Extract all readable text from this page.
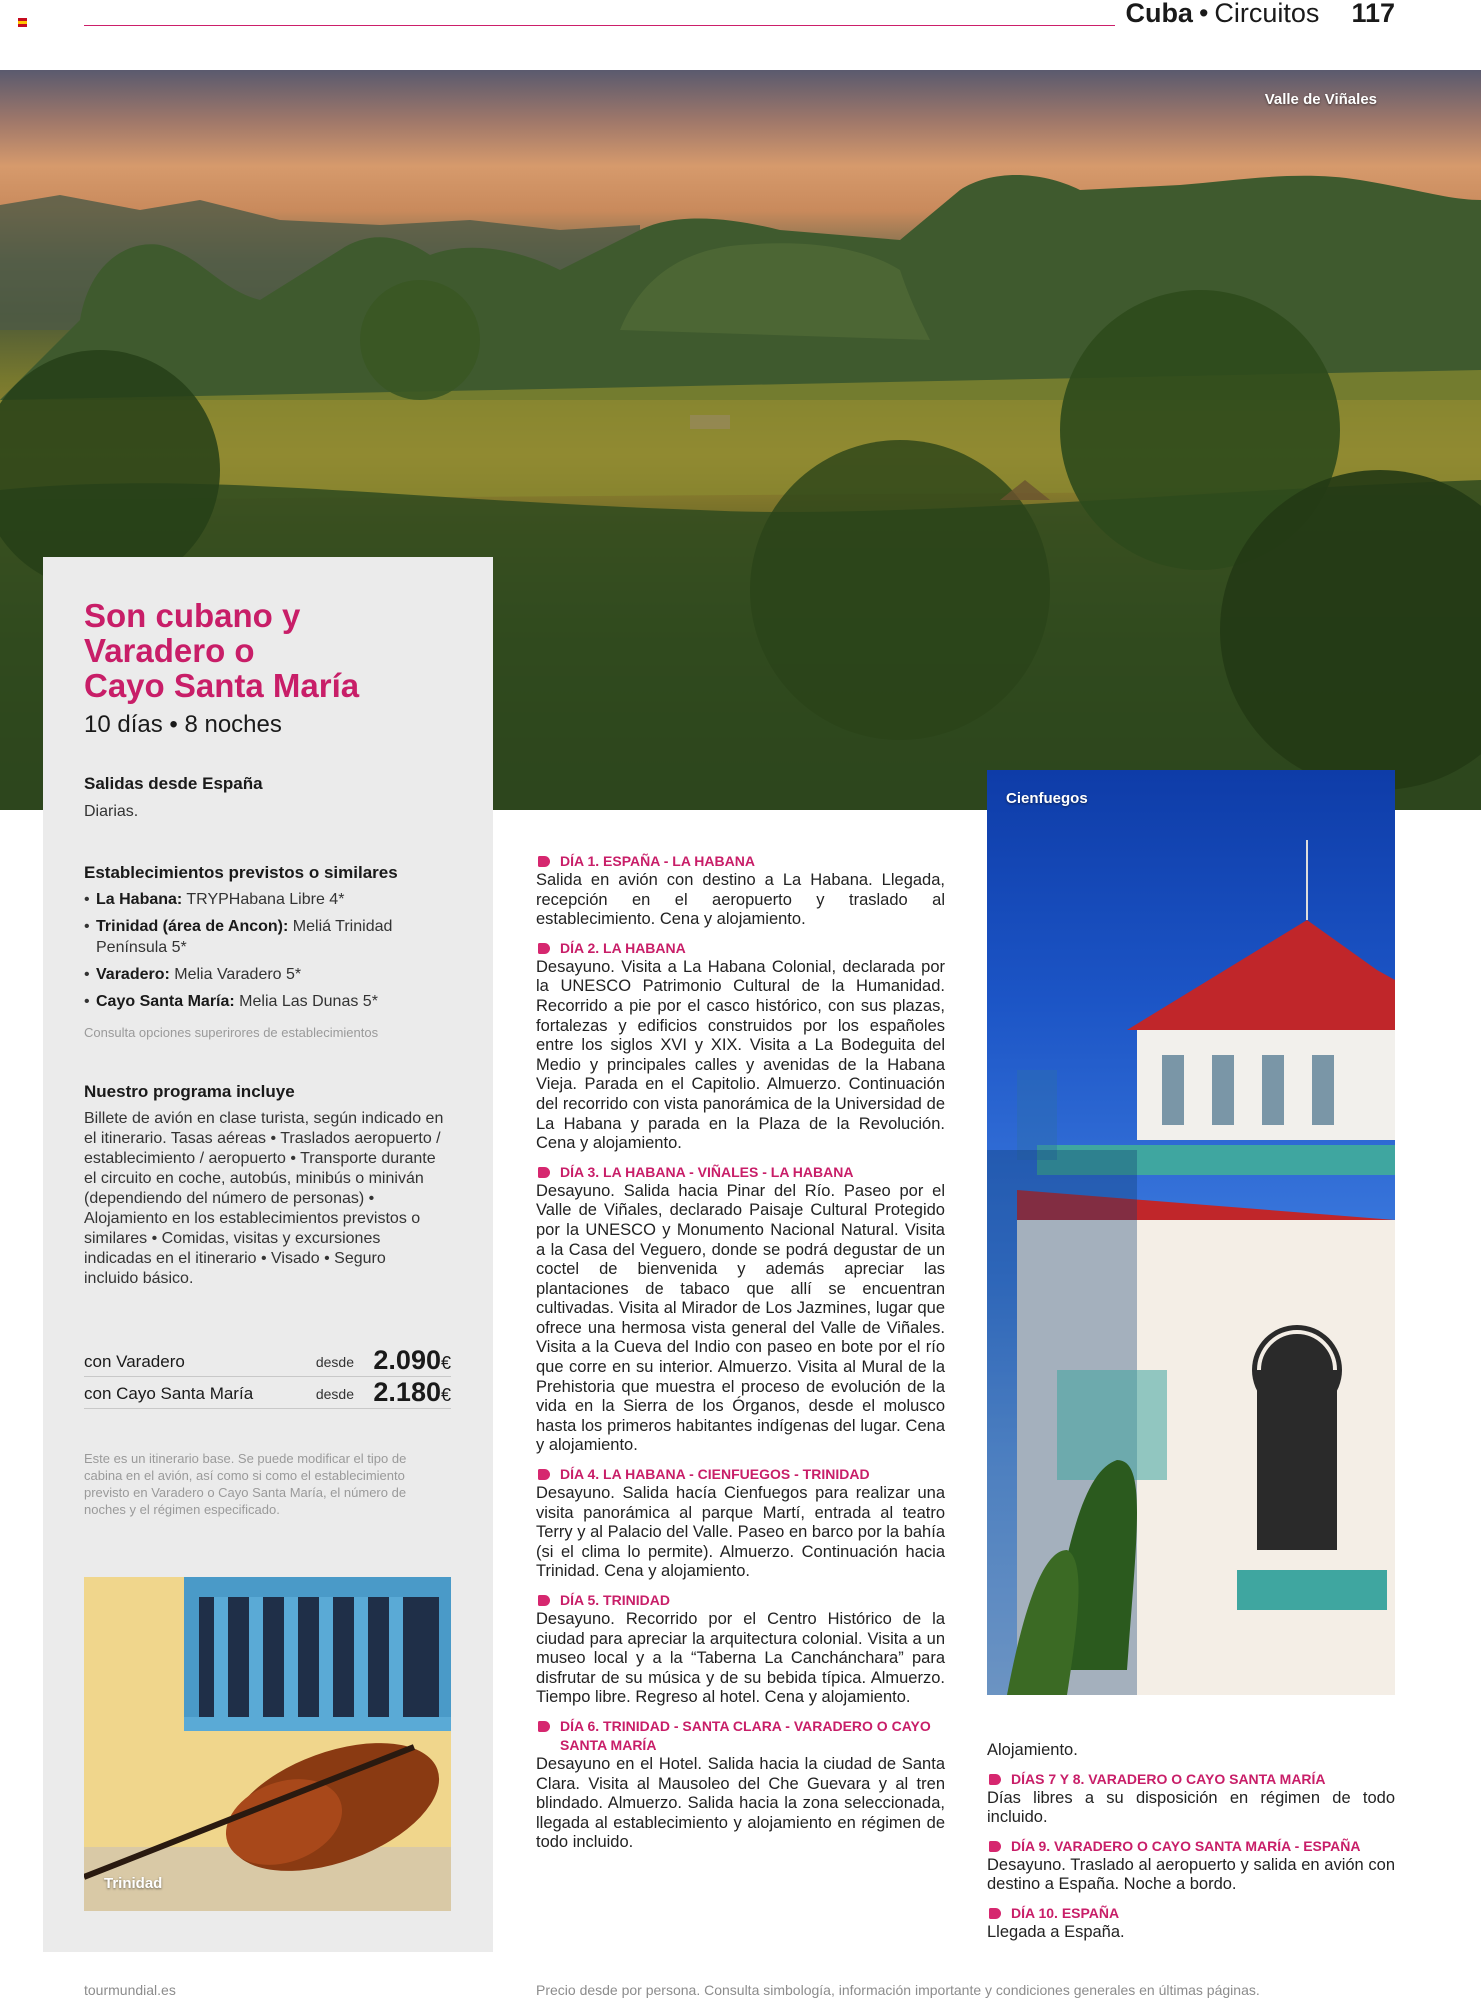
Cuba • Circuitos 117
Valle de Viñales
Cienfuegos
Son cubano y
Varadero o
Cayo Santa María
10 días • 8 noches
Salidas desde España
Diarias.
Establecimientos previstos o similares
• La Habana: TRYPHabana Libre 4*
• Trinidad (área de Ancon): Meliá Trinidad Península 5*
• Varadero: Melia Varadero 5*
• Cayo Santa María: Melia Las Dunas 5*
Consulta opciones superirores de establecimientos
Nuestro programa incluye
Billete de avión en clase turista, según indicado en el itinerario. Tasas aéreas • Traslados aeropuerto / establecimiento / aeropuerto • Transporte durante el circuito en coche, autobús, minibús o miniván (dependiendo del número de personas) • Alojamiento en los establecimientos previstos o similares • Comidas, visitas y excursiones indicadas en el itinerario • Visado • Seguro incluido básico.
con Varadero	desde 2.090€
con Cayo Santa María	desde 2.180€
Este es un itinerario base. Se puede modificar el tipo de cabina en el avión, así como si como el establecimiento previsto en Varadero o Cayo Santa María, el número de noches y el régimen especificado.
Trinidad
DÍA 1. ESPAÑA - LA HABANA
Salida en avión con destino a La Habana. Llegada, recepción en el aeropuerto y traslado al establecimiento. Cena y alojamiento.
DÍA 2. LA HABANA
Desayuno. Visita a La Habana Colonial, declarada por la UNESCO Patrimonio Cultural de la Humanidad. Recorrido a pie por el casco histórico, con sus plazas, fortalezas y edificios construidos por los españoles entre los siglos XVI y XIX. Visita a La Bodeguita del Medio y principales calles y avenidas de la Habana Vieja. Parada en el Capitolio. Almuerzo. Continuación del recorrido con vista panorámica de la Universidad de La Habana y parada en la Plaza de la Revolución. Cena y alojamiento.
DÍA 3. LA HABANA - VIÑALES - LA HABANA
Desayuno. Salida hacia Pinar del Río. Paseo por el Valle de Viñales, declarado Paisaje Cultural Protegido por la UNESCO y Monumento Nacional Natural. Visita a la Casa del Veguero, donde se podrá degustar de un coctel de bienvenida y además apreciar las plantaciones de tabaco que allí se encuentran cultivadas. Visita al Mirador de Los Jazmines, lugar que ofrece una hermosa vista general del Valle de Viñales. Visita a la Cueva del Indio con paseo en bote por el río que corre en su interior. Almuerzo. Visita al Mural de la Prehistoria que muestra el proceso de evolución de la vida en la Sierra de los Órganos, desde el molusco hasta los primeros habitantes indígenas del lugar. Cena y alojamiento.
DÍA 4. LA HABANA - CIENFUEGOS - TRINIDAD
Desayuno. Salida hacía Cienfuegos para realizar una visita panorámica al parque Martí, entrada al teatro Terry y al Palacio del Valle. Paseo en barco por la bahía (si el clima lo permite). Almuerzo. Continuación hacia Trinidad. Cena y alojamiento.
DÍA 5. TRINIDAD
Desayuno. Recorrido por el Centro Histórico de la ciudad para apreciar la arquitectura colonial. Visita a un museo local y a la “Taberna La Canchánchara” para disfrutar de su música y de su bebida típica. Almuerzo. Tiempo libre. Regreso al hotel. Cena y alojamiento.
DÍA 6. TRINIDAD - SANTA CLARA - VARADERO O CAYO SANTA MARÍA
Desayuno en el Hotel. Salida hacia la ciudad de Santa Clara. Visita al Mausoleo del Che Guevara y al tren blindado. Almuerzo. Salida hacia la zona seleccionada, llegada al establecimiento y alojamiento en régimen de todo incluido.
Alojamiento.
DÍAS 7 Y 8. VARADERO O CAYO SANTA MARÍA
Días libres a su disposición en régimen de todo incluido.
DÍA 9. VARADERO O CAYO SANTA MARÍA - ESPAÑA
Desayuno. Traslado al aeropuerto y salida en avión con destino a España. Noche a bordo.
DÍA 10. ESPAÑA
Llegada a España.
tourmundial.es	Precio desde por persona. Consulta simbología, información importante y condiciones generales en últimas páginas.
